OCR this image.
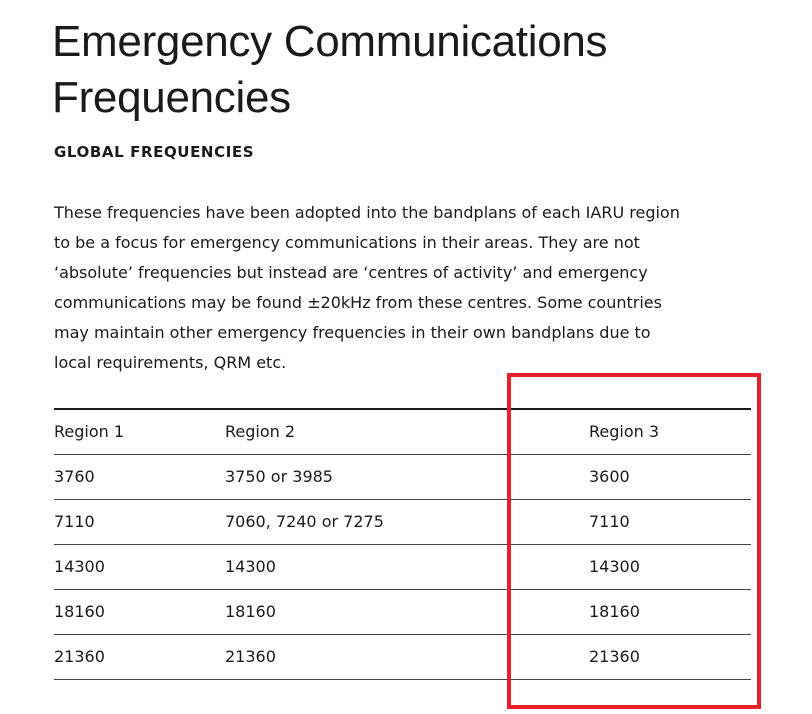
Emergency Communications
Frequencies
GLOBAL FREQUENCIES

These frequencies have been adopted into the bandplans of each IARU region
to be a focus for emergency communications in their areas. They are not
‘absolute’ frequencies but instead are ‘centres of activity’ and emergency
communications may be found ±20kHz from these centres. Some countries
may maintain other emergency frequencies in their own bandplans due to
local requirements, QRM etc.

Region 1	Region 2	Region 3
3760	3750 or 3985	3600
7110	7060, 7240 or 7275	7110
14300	14300	14300
18160	18160	18160
21360	21360	21360
